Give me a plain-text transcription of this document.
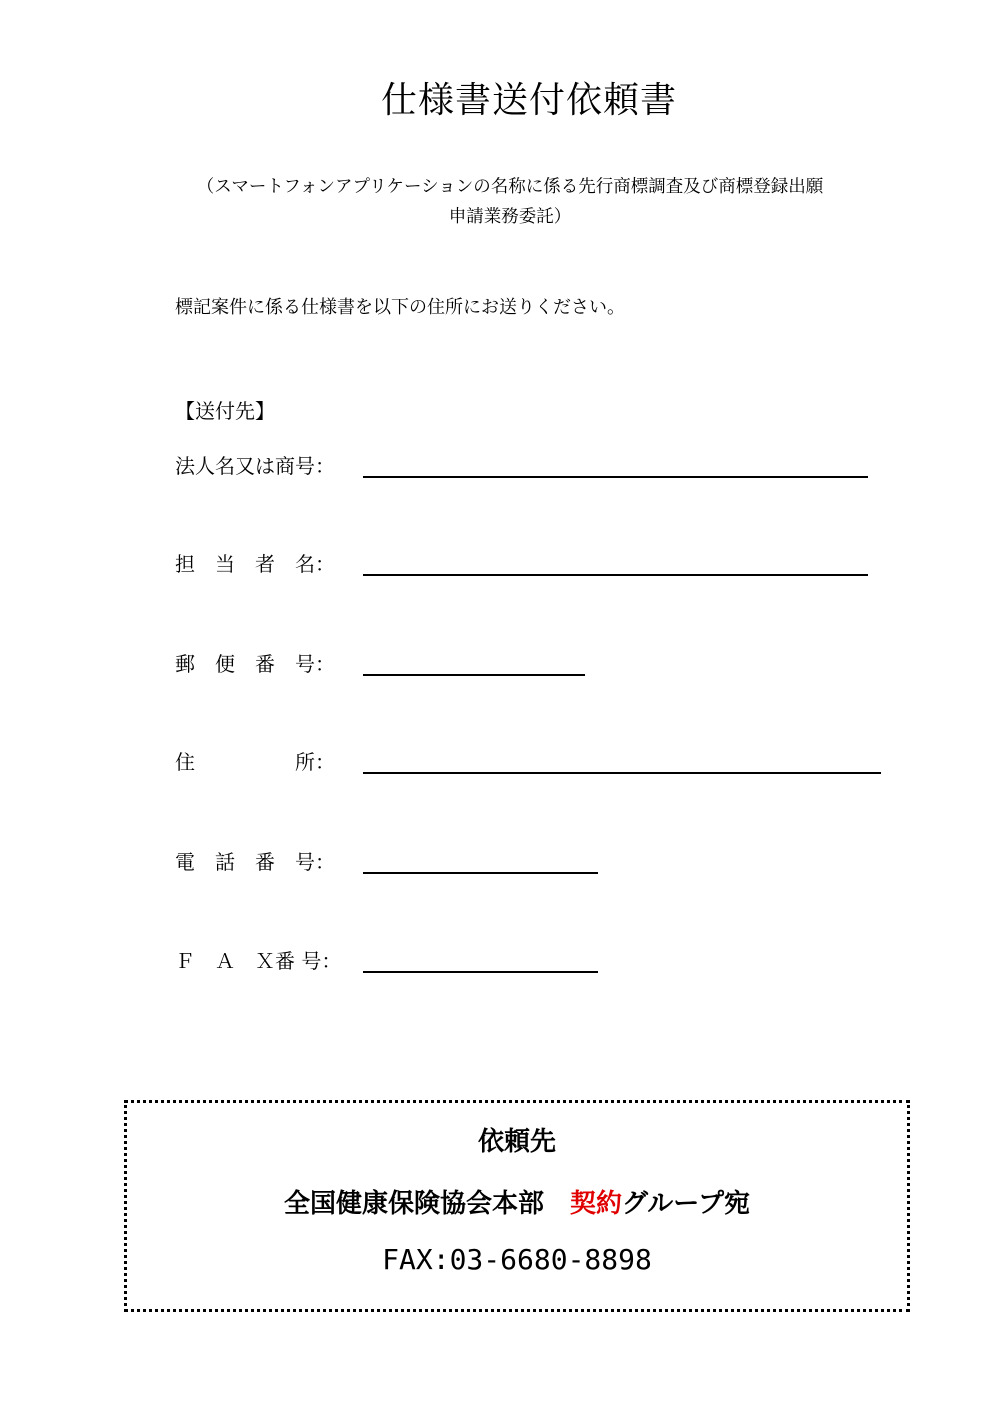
仕様書送付依頼書
（スマートフォンアプリケーションの名称に係る先行商標調査及び商標登録出願
申請業務委託）
標記案件に係る仕様書を以下の住所にお送りください。
【送付先】
法人名又は商号：
担　当　者　名：
郵　便　番　号：
住　　　　　所：
電　話　番　号：
Ｆ　Ａ　Ｘ番 号：
依頼先
全国健康保険協会本部　契約グループ宛
FAX:03-6680-8898
